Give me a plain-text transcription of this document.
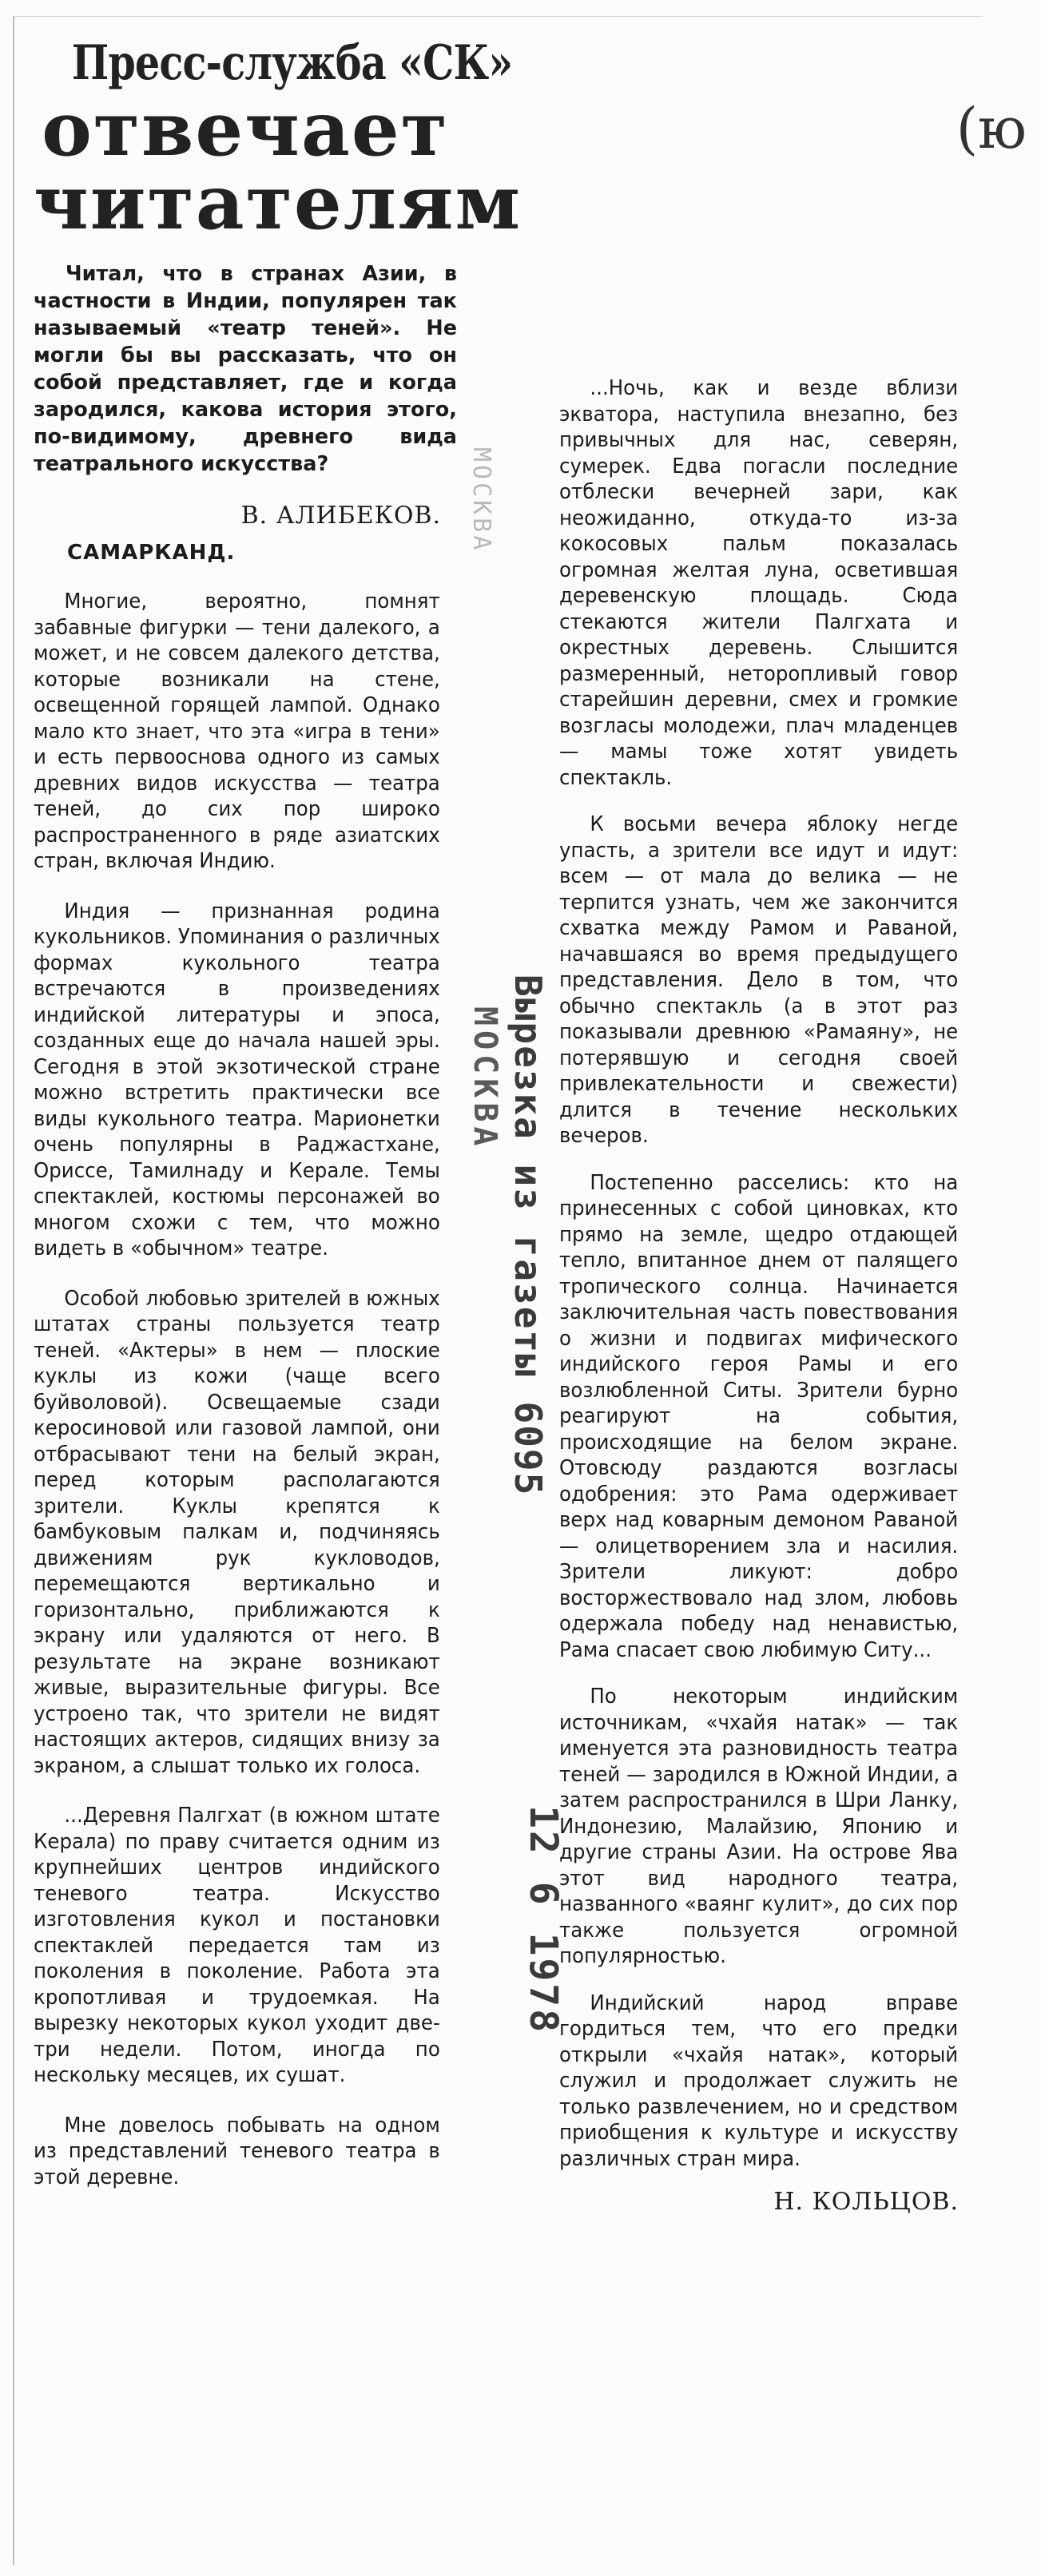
(ю
Пресс-служба «СК»
отвечает
читателям

Читал, что в странах Азии, в частности в Индии, популярен так называемый «театр теней». Не могли бы вы рассказать, что он собой представляет, где и когда зародился, какова история этого, по-видимому, древнего вида театрального искусства?

В. АЛИБЕКОВ.
САМАРКАНД.

Многие, вероятно, помнят забавные фигурки — тени далекого, а может, и не совсем далекого детства, которые возникали на стене, освещенной горящей лампой. Однако мало кто знает, что эта «игра в тени» и есть первооснова одного из самых древних видов искусства — театра теней, до сих пор широко распространенного в ряде азиатских стран, включая Индию.

Индия — признанная родина кукольников. Упоминания о различных формах кукольного театра встречаются в произведениях индийской литературы и эпоса, созданных еще до начала нашей эры. Сегодня в этой экзотической стране можно встретить практически все виды кукольного театра. Марионетки очень популярны в Раджастхане, Ориссе, Тамилнаду и Керале. Темы спектаклей, костюмы персонажей во многом схожи с тем, что можно видеть в «обычном» театре.

Особой любовью зрителей в южных штатах страны пользуется театр теней. «Актеры» в нем — плоские куклы из кожи (чаще всего буйволовой). Освещаемые сзади керосиновой или газовой лампой, они отбрасывают тени на белый экран, перед которым располагаются зрители. Куклы крепятся к бамбуковым палкам и, подчиняясь движениям рук кукловодов, перемещаются вертикально и горизонтально, приближаются к экрану или удаляются от него. В результате на экране возникают живые, выразительные фигуры. Все устроено так, что зрители не видят настоящих актеров, сидящих внизу за экраном, а слышат только их голоса.

...Деревня Палгхат (в южном штате Керала) по праву считается одним из крупнейших центров индийского теневого театра. Искусство изготовления кукол и постановки спектаклей передается там из поколения в поколение. Работа эта кропотливая и трудоемкая. На вырезку некоторых кукол уходит две-три недели. Потом, иногда по нескольку месяцев, их сушат.

Мне довелось побывать на одном из представлений теневого театра в этой деревне.

МОСКВА
Вырезка из газеты 6095
МОСКВА
12 6 1978

...Ночь, как и везде вблизи экватора, наступила внезапно, без привычных для нас, северян, сумерек. Едва погасли последние отблески вечерней зари, как неожиданно, откуда-то из-за кокосовых пальм показалась огромная желтая луна, осветившая деревенскую площадь. Сюда стекаются жители Палгхата и окрестных деревень. Слышится размеренный, неторопливый говор старейшин деревни, смех и громкие возгласы молодежи, плач младенцев — мамы тоже хотят увидеть спектакль.

К восьми вечера яблоку негде упасть, а зрители все идут и идут: всем — от мала до велика — не терпится узнать, чем же закончится схватка между Рамом и Раваной, начавшаяся во время предыдущего представления. Дело в том, что обычно спектакль (а в этот раз показывали древнюю «Рамаяну», не потерявшую и сегодня своей привлекательности и свежести) длится в течение нескольких вечеров.

Постепенно расселись: кто на принесенных с собой циновках, кто прямо на земле, щедро отдающей тепло, впитанное днем от палящего тропического солнца. Начинается заключительная часть повествования о жизни и подвигах мифического индийского героя Рамы и его возлюбленной Ситы. Зрители бурно реагируют на события, происходящие на белом экране. Отовсюду раздаются возгласы одобрения: это Рама одерживает верх над коварным демоном Раваной — олицетворением зла и насилия. Зрители ликуют: добро восторжествовало над злом, любовь одержала победу над ненавистью, Рама спасает свою любимую Ситу...

По некоторым индийским источникам, «чхайя натак» — так именуется эта разновидность театра теней — зародился в Южной Индии, а затем распространился в Шри Ланку, Индонезию, Малайзию, Японию и другие страны Азии. На острове Ява этот вид народного театра, названного «ваянг кулит», до сих пор также пользуется огромной популярностью.

Индийский народ вправе гордиться тем, что его предки открыли «чхайя натак», который служил и продолжает служить не только развлечением, но и средством приобщения к культуре и искусству различных стран мира.

Н. КОЛЬЦОВ.
